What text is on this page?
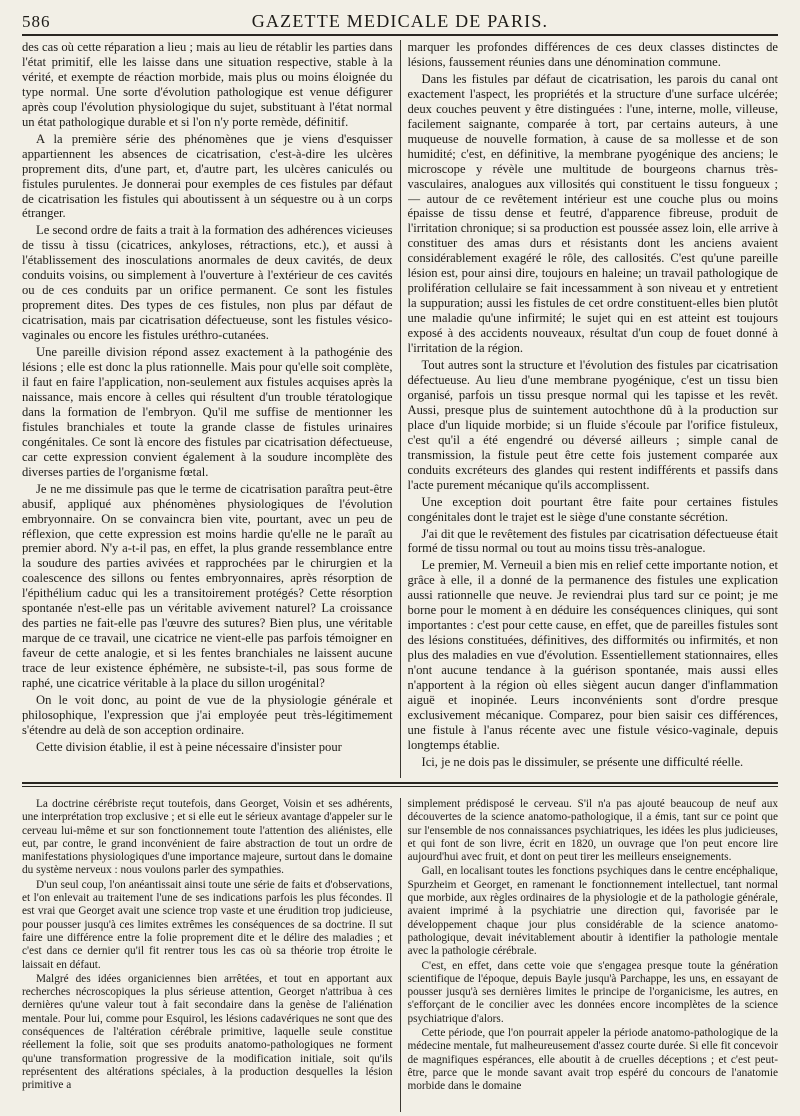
586	GAZETTE MEDICALE DE PARIS.

des cas où cette réparation a lieu ; mais au lieu de rétablir les parties dans l'état primitif, elle les laisse dans une situation respective, stable à la vérité, et exempte de réaction morbide, mais plus ou moins éloignée du type normal. Une sorte d'évolution pathologique est venue défigurer après coup l'évolution physiologique du sujet, substituant à l'état normal un état pathologique durable et si l'on n'y porte remède, définitif.

A la première série des phénomènes que je viens d'esquisser appartiennent les absences de cicatrisation, c'est-à-dire les ulcères proprement dits, d'une part, et, d'autre part, les ulcères caniculés ou fistules purulentes. Je donnerai pour exemples de ces fistules par défaut de cicatrisation les fistules qui aboutissent à un séquestre ou à un corps étranger.

Le second ordre de faits a trait à la formation des adhérences vicieuses de tissu à tissu (cicatrices, ankyloses, rétractions, etc.), et aussi à l'établissement des inosculations anormales de deux cavités, de deux conduits voisins, ou simplement à l'ouverture à l'extérieur de ces cavités ou de ces conduits par un orifice permanent. Ce sont les fistules proprement dites. Des types de ces fistules, non plus par défaut de cicatrisation, mais par cicatrisation défectueuse, sont les fistules vésico-vaginales ou encore les fistules uréthro-cutanées.

Une pareille division répond assez exactement à la pathogénie des lésions ; elle est donc la plus rationnelle. Mais pour qu'elle soit complète, il faut en faire l'application, non-seulement aux fistules acquises après la naissance, mais encore à celles qui résultent d'un trouble tératologique dans la formation de l'embryon. Qu'il me suffise de mentionner les fistules branchiales et toute la grande classe de fistules urinaires congénitales. Ce sont là encore des fistules par cicatrisation défectueuse, car cette expression convient également à la soudure incomplète des diverses parties de l'organisme fœtal.

Je ne me dissimule pas que le terme de cicatrisation paraîtra peut-être abusif, appliqué aux phénomènes physiologiques de l'évolution embryonnaire. On se convaincra bien vite, pourtant, avec un peu de réflexion, que cette expression est moins hardie qu'elle ne le paraît au premier abord. N'y a-t-il pas, en effet, la plus grande ressemblance entre la soudure des parties avivées et rapprochées par le chirurgien et la coalescence des sillons ou fentes embryonnaires, après résorption de l'épithélium caduc qui les a transitoirement protégés? Cette résorption spontanée n'est-elle pas un véritable avivement naturel? La croissance des parties ne fait-elle pas l'œuvre des sutures? Bien plus, une véritable marque de ce travail, une cicatrice ne vient-elle pas parfois témoigner en faveur de cette analogie, et si les fentes branchiales ne laissent aucune trace de leur existence éphémère, ne subsiste-t-il, pas sous forme de raphé, une cicatrice véritable à la place du sillon urogénital?

On le voit donc, au point de vue de la physiologie générale et philosophique, l'expression que j'ai employée peut très-légitimement s'étendre au delà de son acception ordinaire.

Cette division établie, il est à peine nécessaire d'insister pour

marquer les profondes différences de ces deux classes distinctes de lésions, faussement réunies dans une dénomination commune.

Dans les fistules par défaut de cicatrisation, les parois du canal ont exactement l'aspect, les propriétés et la structure d'une surface ulcérée; deux couches peuvent y être distinguées : l'une, interne, molle, villeuse, facilement saignante, comparée à tort, par certains auteurs, à une muqueuse de nouvelle formation, à cause de sa mollesse et de son humidité; c'est, en définitive, la membrane pyogénique des anciens; le microscope y révèle une multitude de bourgeons charnus très-vasculaires, analogues aux villosités qui constituent le tissu fongueux ; — autour de ce revêtement intérieur est une couche plus ou moins épaisse de tissu dense et feutré, d'apparence fibreuse, produit de l'irritation chronique; si sa production est poussée assez loin, elle arrive à constituer des amas durs et résistants dont les anciens avaient considérablement exagéré le rôle, des callosités. C'est qu'une pareille lésion est, pour ainsi dire, toujours en haleine; un travail pathologique de prolifération cellulaire se fait incessamment à son niveau et y entretient la suppuration; aussi les fistules de cet ordre constituent-elles bien plutôt une maladie qu'une infirmité; le sujet qui en est atteint est toujours exposé à des accidents nouveaux, résultat d'un coup de fouet donné à l'irritation de la région.

Tout autres sont la structure et l'évolution des fistules par cicatrisation défectueuse. Au lieu d'une membrane pyogénique, c'est un tissu bien organisé, parfois un tissu presque normal qui les tapisse et les revêt. Aussi, presque plus de suintement autochthone dû à la production sur place d'un liquide morbide; si un fluide s'écoule par l'orifice fistuleux, c'est qu'il a été engendré ou déversé ailleurs ; simple canal de transmission, la fistule peut être cette fois justement comparée aux conduits excréteurs des glandes qui restent indifférents et passifs dans l'acte purement mécanique qu'ils accomplissent.

Une exception doit pourtant être faite pour certaines fistules congénitales dont le trajet est le siège d'une constante sécrétion.

J'ai dit que le revêtement des fistules par cicatrisation défectueuse était formé de tissu normal ou tout au moins tissu très-analogue.

Le premier, M. Verneuil a bien mis en relief cette importante notion, et grâce à elle, il a donné de la permanence des fistules une explication aussi rationnelle que neuve. Je reviendrai plus tard sur ce point; je me borne pour le moment à en déduire les conséquences cliniques, qui sont importantes : c'est pour cette cause, en effet, que de pareilles fistules sont des lésions constituées, définitives, des difformités ou infirmités, et non plus des maladies en vue d'évolution. Essentiellement stationnaires, elles n'ont aucune tendance à la guérison spontanée, mais aussi elles n'apportent à la région où elles siègent aucun danger d'inflammation aiguë et inopinée. Leurs inconvénients sont d'ordre presque exclusivement mécanique. Comparez, pour bien saisir ces différences, une fistule à l'anus récente avec une fistule vésico-vaginale, depuis longtemps établie.

Ici, je ne dois pas le dissimuler, se présente une difficulté réelle.

La doctrine cérébriste reçut toutefois, dans Georget, Voisin et ses adhérents, une interprétation trop exclusive ; et si elle eut le sérieux avantage d'appeler sur le cerveau lui-même et sur son fonctionnement toute l'attention des aliénistes, elle eut, par contre, le grand inconvénient de faire abstraction de tout un ordre de manifestations physiologiques d'une importance majeure, surtout dans le domaine du système nerveux : nous voulons parler des sympathies.

D'un seul coup, l'on anéantissait ainsi toute une série de faits et d'observations, et l'on enlevait au traitement l'une de ses indications parfois les plus fécondes. Il est vrai que Georget avait une science trop vaste et une érudition trop judicieuse, pour pousser jusqu'à ces limites extrêmes les conséquences de sa doctrine. Il sut faire une différence entre la folie proprement dite et le délire des maladies ; et c'est dans ce dernier qu'il fit rentrer tous les cas où sa théorie trop étroite le laissait en défaut.

Malgré des idées organiciennes bien arrêtées, et tout en apportant aux recherches nécroscopiques la plus sérieuse attention, Georget n'attribua à ces dernières qu'une valeur tout à fait secondaire dans la genèse de l'aliénation mentale. Pour lui, comme pour Esquirol, les lésions cadavériques ne sont que des conséquences de l'altération cérébrale primitive, laquelle seule constitue réellement la folie, soit que ses produits anatomo-pathologiques ne forment qu'une transformation progressive de la modification initiale, soit qu'ils représentent des altérations spéciales, à la production desquelles la lésion primitive a

simplement prédisposé le cerveau. S'il n'a pas ajouté beaucoup de neuf aux découvertes de la science anatomo-pathologique, il a émis, tant sur ce point que sur l'ensemble de nos connaissances psychiatriques, les idées les plus judicieuses, et qui font de son livre, écrit en 1820, un ouvrage que l'on peut encore lire aujourd'hui avec fruit, et dont on peut tirer les meilleurs enseignements.

Gall, en localisant toutes les fonctions psychiques dans le centre encéphalique, Spurzheim et Georget, en ramenant le fonctionnement intellectuel, tant normal que morbide, aux règles ordinaires de la physiologie et de la pathologie générale, avaient imprimé à la psychiatrie une direction qui, favorisée par le développement chaque jour plus considérable de la science anatomo-pathologique, devait inévitablement aboutir à identifier la pathologie mentale avec la pathologie cérébrale.

C'est, en effet, dans cette voie que s'engagea presque toute la génération scientifique de l'époque, depuis Bayle jusqu'à Parchappe, les uns, en essayant de pousser jusqu'à ses dernières limites le principe de l'organicisme, les autres, en s'efforçant de le concilier avec les données encore incomplètes de la science psychiatrique d'alors.

Cette période, que l'on pourrait appeler la période anatomo-pathologique de la médecine mentale, fut malheureusement d'assez courte durée. Si elle fit concevoir de magnifiques espérances, elle aboutit à de cruelles déceptions ; et c'est peut-être, parce que le monde savant avait trop espéré du concours de l'anatomie morbide dans le domaine
